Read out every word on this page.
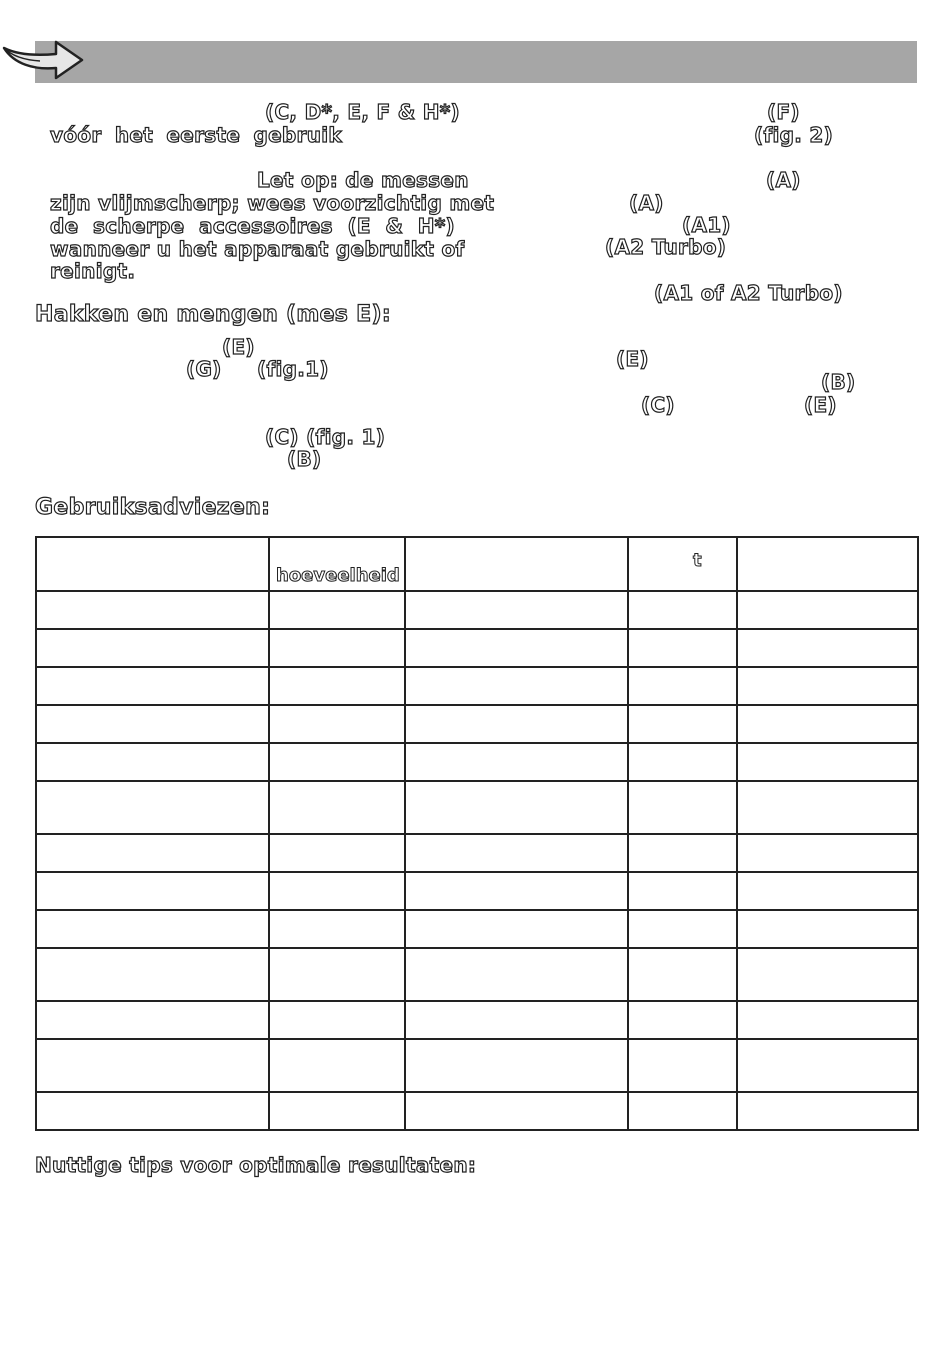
(C, D*, E, F & H*)
vóór het eerste gebruik
Let op: de messen
zijn vlijmscherp; wees voorzichtig met
de scherpe accessoires (E & H*)
wanneer u het apparaat gebruikt of
reinigt.
Hakken en mengen (mes E):
(E)
(G) (fig.1)
(C) (fig. 1)
(B)
(F)
(fig. 2)
(A)
(A)
(A1)
(A2 Turbo)
(A1 of A2 Turbo)
(E)
(B)
(C)	(E)
Gebruiksadviezen:

	hoeveelheid		t	

Nuttige tips voor optimale resultaten:
